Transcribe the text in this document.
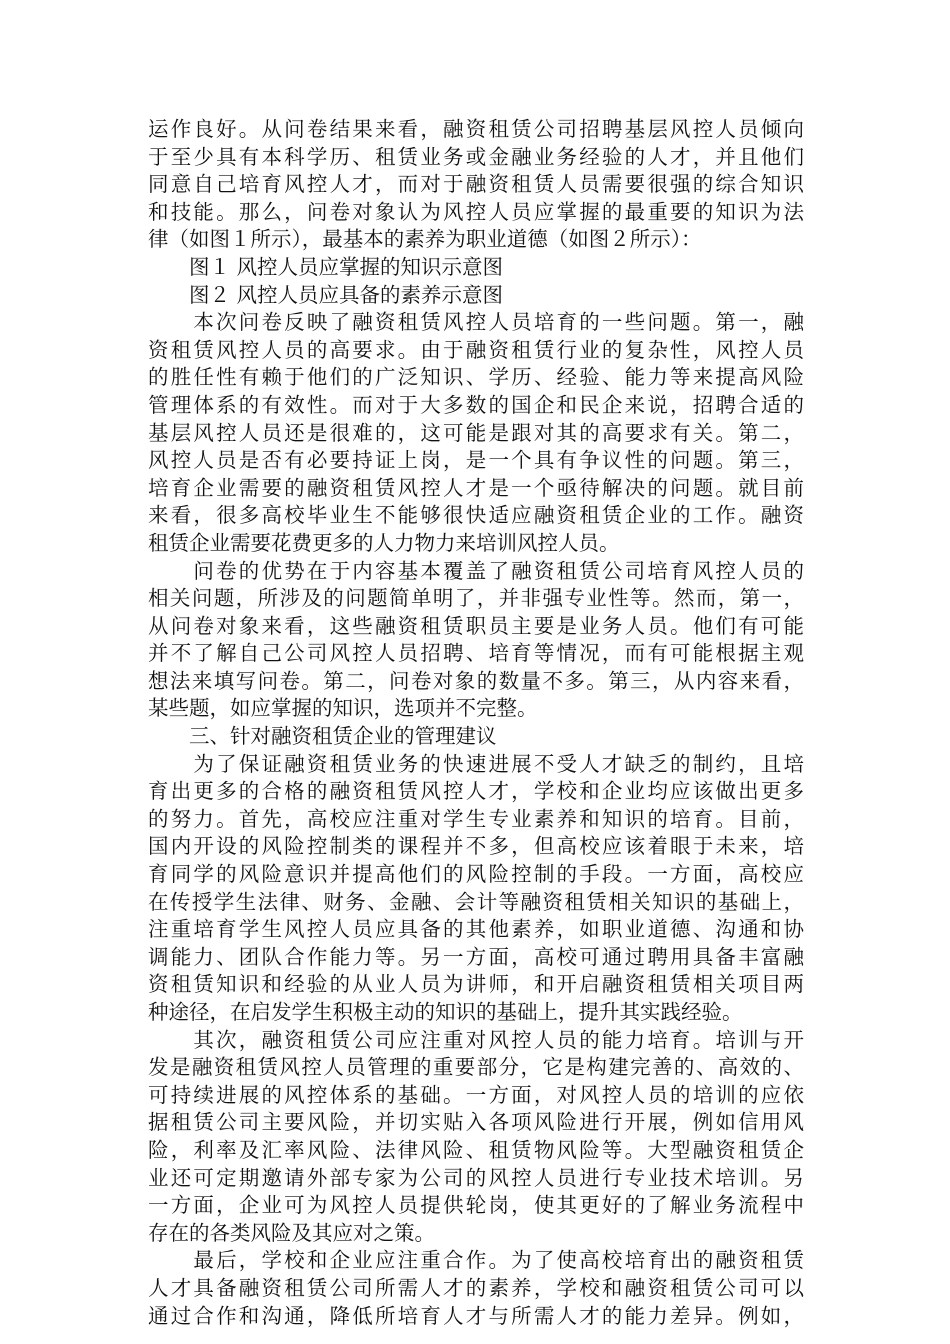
运作良好。从问卷结果来看，融资租赁公司招聘基层风控人员倾向
于至少具有本科学历、租赁业务或金融业务经验的人才，并且他们
同意自己培育风控人才，而对于融资租赁人员需要很强的综合知识
和技能。那么，问卷对象认为风控人员应掌握的最重要的知识为法
律（如图１所示），最基本的素养为职业道德（如图２所示）：
　　图１ 风控人员应掌握的知识示意图
　　图２ 风控人员应具备的素养示意图
　　本次问卷反映了融资租赁风控人员培育的一些问题。第一，融
资租赁风控人员的高要求。由于融资租赁行业的复杂性，风控人员
的胜任性有赖于他们的广泛知识、学历、经验、能力等来提高风险
管理体系的有效性。而对于大多数的国企和民企来说，招聘合适的
基层风控人员还是很难的，这可能是跟对其的高要求有关。第二，
风控人员是否有必要持证上岗，是一个具有争议性的问题。第三，
培育企业需要的融资租赁风控人才是一个亟待解决的问题。就目前
来看，很多高校毕业生不能够很快适应融资租赁企业的工作。融资
租赁企业需要花费更多的人力物力来培训风控人员。
　　问卷的优势在于内容基本覆盖了融资租赁公司培育风控人员的
相关问题，所涉及的问题简单明了，并非强专业性等。然而，第一，
从问卷对象来看，这些融资租赁职员主要是业务人员。他们有可能
并不了解自己公司风控人员招聘、培育等情况，而有可能根据主观
想法来填写问卷。第二，问卷对象的数量不多。第三，从内容来看，
某些题，如应掌握的知识，选项并不完整。
　　三、针对融资租赁企业的管理建议
　　为了保证融资租赁业务的快速进展不受人才缺乏的制约，且培
育出更多的合格的融资租赁风控人才，学校和企业均应该做出更多
的努力。首先，高校应注重对学生专业素养和知识的培育。目前，
国内开设的风险控制类的课程并不多，但高校应该着眼于未来，培
育同学的风险意识并提高他们的风险控制的手段。一方面，高校应
在传授学生法律、财务、金融、会计等融资租赁相关知识的基础上，
注重培育学生风控人员应具备的其他素养，如职业道德、沟通和协
调能力、团队合作能力等。另一方面，高校可通过聘用具备丰富融
资租赁知识和经验的从业人员为讲师，和开启融资租赁相关项目两
种途径，在启发学生积极主动的知识的基础上，提升其实践经验。
　　其次，融资租赁公司应注重对风控人员的能力培育。培训与开
发是融资租赁风控人员管理的重要部分，它是构建完善的、高效的、
可持续进展的风控体系的基础。一方面，对风控人员的培训的应依
据租赁公司主要风险，并切实贴入各项风险进行开展，例如信用风
险，利率及汇率风险、法律风险、租赁物风险等。大型融资租赁企
业还可定期邀请外部专家为公司的风控人员进行专业技术培训。另
一方面，企业可为风控人员提供轮岗，使其更好的了解业务流程中
存在的各类风险及其应对之策。
　　最后，学校和企业应注重合作。为了使高校培育出的融资租赁
人才具备融资租赁公司所需人才的素养，学校和融资租赁公司可以
通过合作和沟通，降低所培育人才与所需人才的能力差异。例如，
